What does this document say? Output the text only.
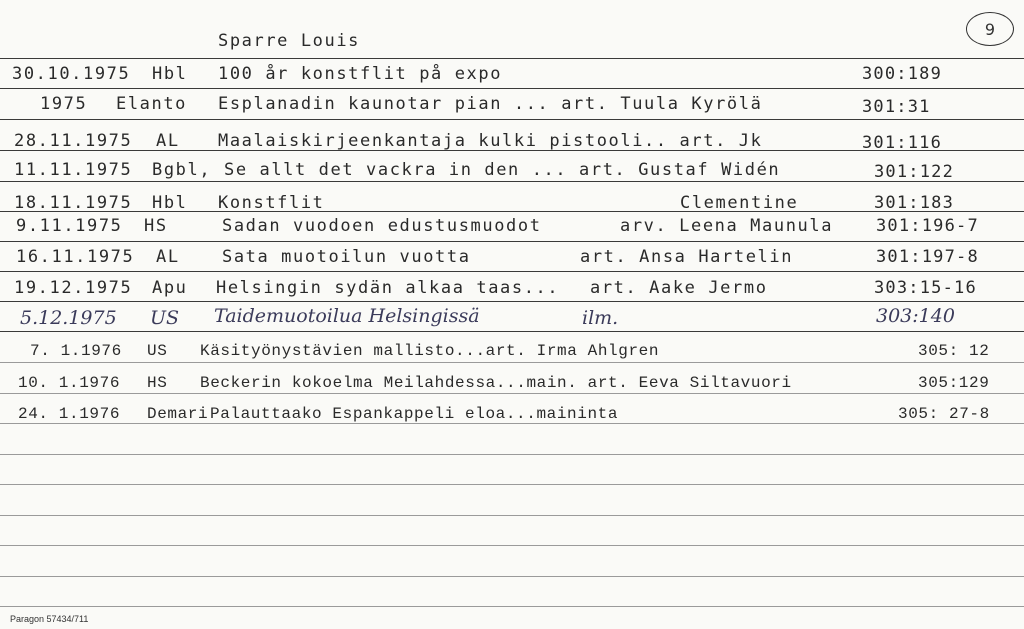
9
Sparre Louis
30.10.1975 Hbl 100 år konstflit på expo	300:189
1975 Elanto Esplanadin kaunotar pian ... art. Tuula Kyrölä	301:31
28.11.1975 AL Maalaiskirjeenkantaja kulki pistooli.. art. Jk	301:116
11.11.1975 Bgbl, Se allt det vackra in den ... art. Gustaf Widén	301:122
18.11.1975 Hbl Konstflit	Clementine	301:183
9.11.1975 HS	Sadan vuodoen edustusmuodot	arv. Leena Maunula	301:196-7
16.11.1975 AL Sata muotoilun vuotta	art. Ansa Hartelin	301:197-8
19.12.1975 Apu Helsingin sydän alkaa taas... art. Aake Jermo	303:15-16
5.12.1975 US Taidemuotoilua Helsingissä	ilm.	303:140
7. 1.1976 US Käsityönystävien mallisto...art. Irma Ahlgren	305: 12
10. 1.1976 HS Beckerin kokoelma Meilahdessa...main. art. Eeva Siltavuori	305:129
24. 1.1976 Demari Palauttaako Espankappeli eloa...maininta	305: 27-8
Paragon 57434/711
